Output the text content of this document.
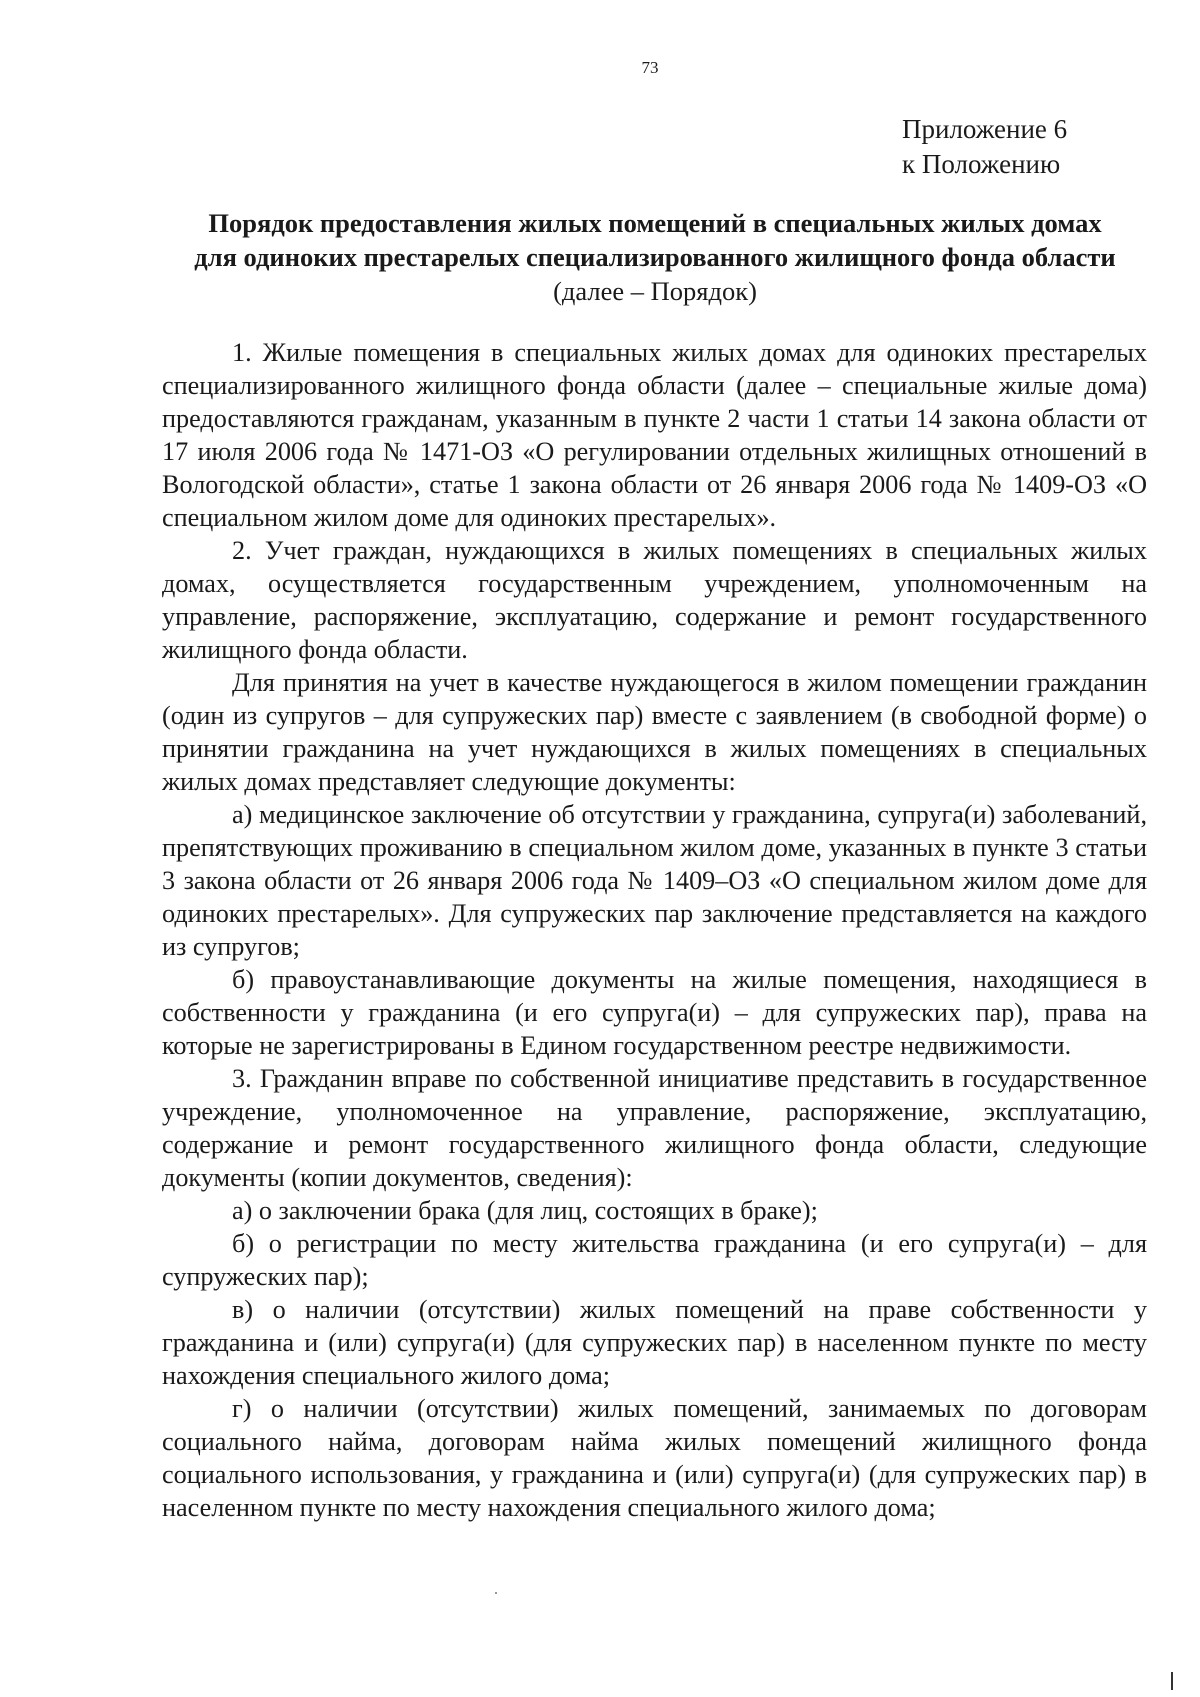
73
Приложение 6
к Положению
Порядок предоставления жилых помещений в специальных жилых домах
для одиноких престарелых специализированного жилищного фонда области
(далее – Порядок)

1. Жилые помещения в специальных жилых домах для одиноких престарелых специализированного жилищного фонда области (далее – специальные жилые дома) предоставляются гражданам, указанным в пункте 2 части 1 статьи 14 закона области от 17 июля 2006 года № 1471-ОЗ «О регулировании отдельных жилищных отношений в Вологодской области», статье 1 закона области от 26 января 2006 года № 1409-ОЗ «О специальном жилом доме для одиноких престарелых».

2. Учет граждан, нуждающихся в жилых помещениях в специальных жилых домах, осуществляется государственным учреждением, уполномоченным на управление, распоряжение, эксплуатацию, содержание и ремонт государственного жилищного фонда области.

Для принятия на учет в качестве нуждающегося в жилом помещении гражданин (один из супругов – для супружеских пар) вместе с заявлением (в свободной форме) о принятии гражданина на учет нуждающихся в жилых помещениях в специальных жилых домах представляет следующие документы:

а) медицинское заключение об отсутствии у гражданина, супруга(и) заболеваний, препятствующих проживанию в специальном жилом доме, указанных в пункте 3 статьи 3 закона области от 26 января 2006 года № 1409–ОЗ «О специальном жилом доме для одиноких престарелых». Для супружеских пар заключение представляется на каждого из супругов;

б) правоустанавливающие документы на жилые помещения, находящиеся в собственности у гражданина (и его супруга(и) – для супружеских пар), права на которые не зарегистрированы в Едином государственном реестре недвижимости.

3. Гражданин вправе по собственной инициативе представить в государственное учреждение, уполномоченное на управление, распоряжение, эксплуатацию, содержание и ремонт государственного жилищного фонда области, следующие документы (копии документов, сведения):

а) о заключении брака (для лиц, состоящих в браке);

б) о регистрации по месту жительства гражданина (и его супруга(и) – для супружеских пар);

в) о наличии (отсутствии) жилых помещений на праве собственности у гражданина и (или) супруга(и) (для супружеских пар) в населенном пункте по месту нахождения специального жилого дома;

г) о наличии (отсутствии) жилых помещений, занимаемых по договорам социального найма, договорам найма жилых помещений жилищного фонда социального использования, у гражданина и (или) супруга(и) (для супружеских пар) в населенном пункте по месту нахождения специального жилого дома;
